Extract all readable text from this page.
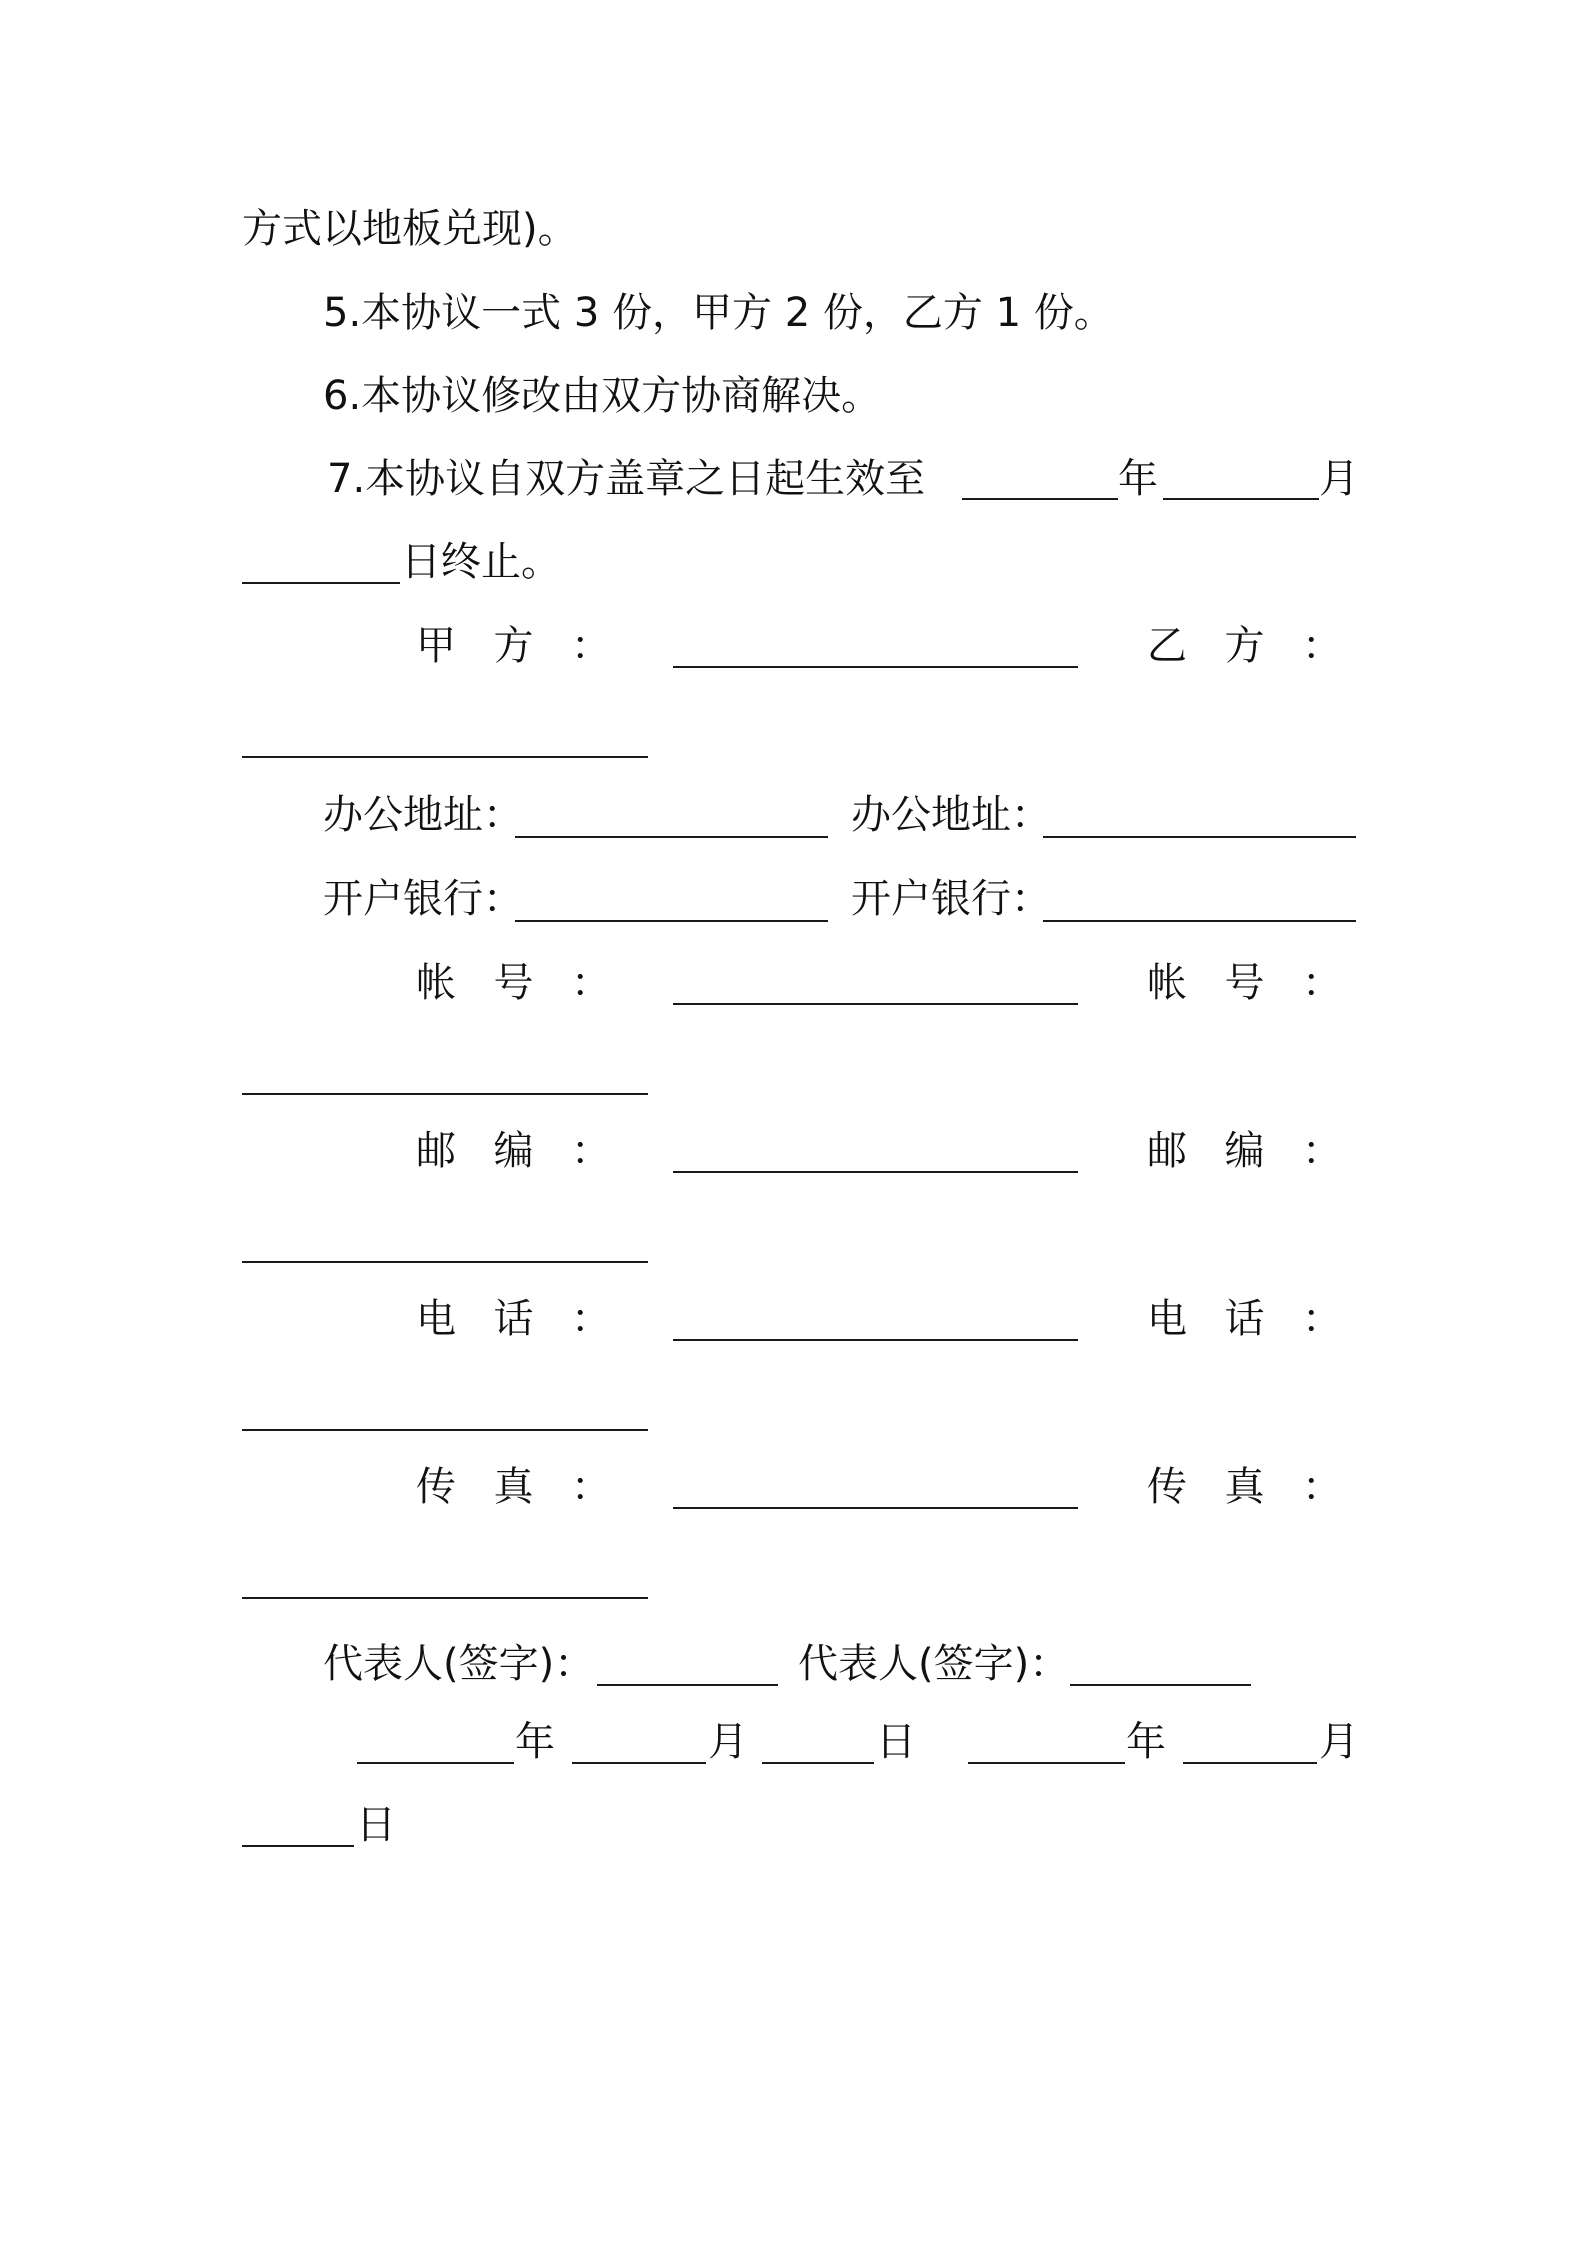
方式以地板兑现)。
5.本协议一式 3 份，甲方 2 份，乙方 1 份。
6.本协议修改由双方协商解决。
7.本协议自双方盖章之日起生效至	年	月
日终止。
甲 方 ：	乙 方 ：
办公地址：	办公地址：
开户银行：	开户银行：
帐 号 ：	帐 号 ：
邮 编 ：	邮 编 ：
电 话 ：	电 话 ：
传 真 ：	传 真 ：
代表人(签字)：	代表人(签字)：
年	月	日	年	月
日
